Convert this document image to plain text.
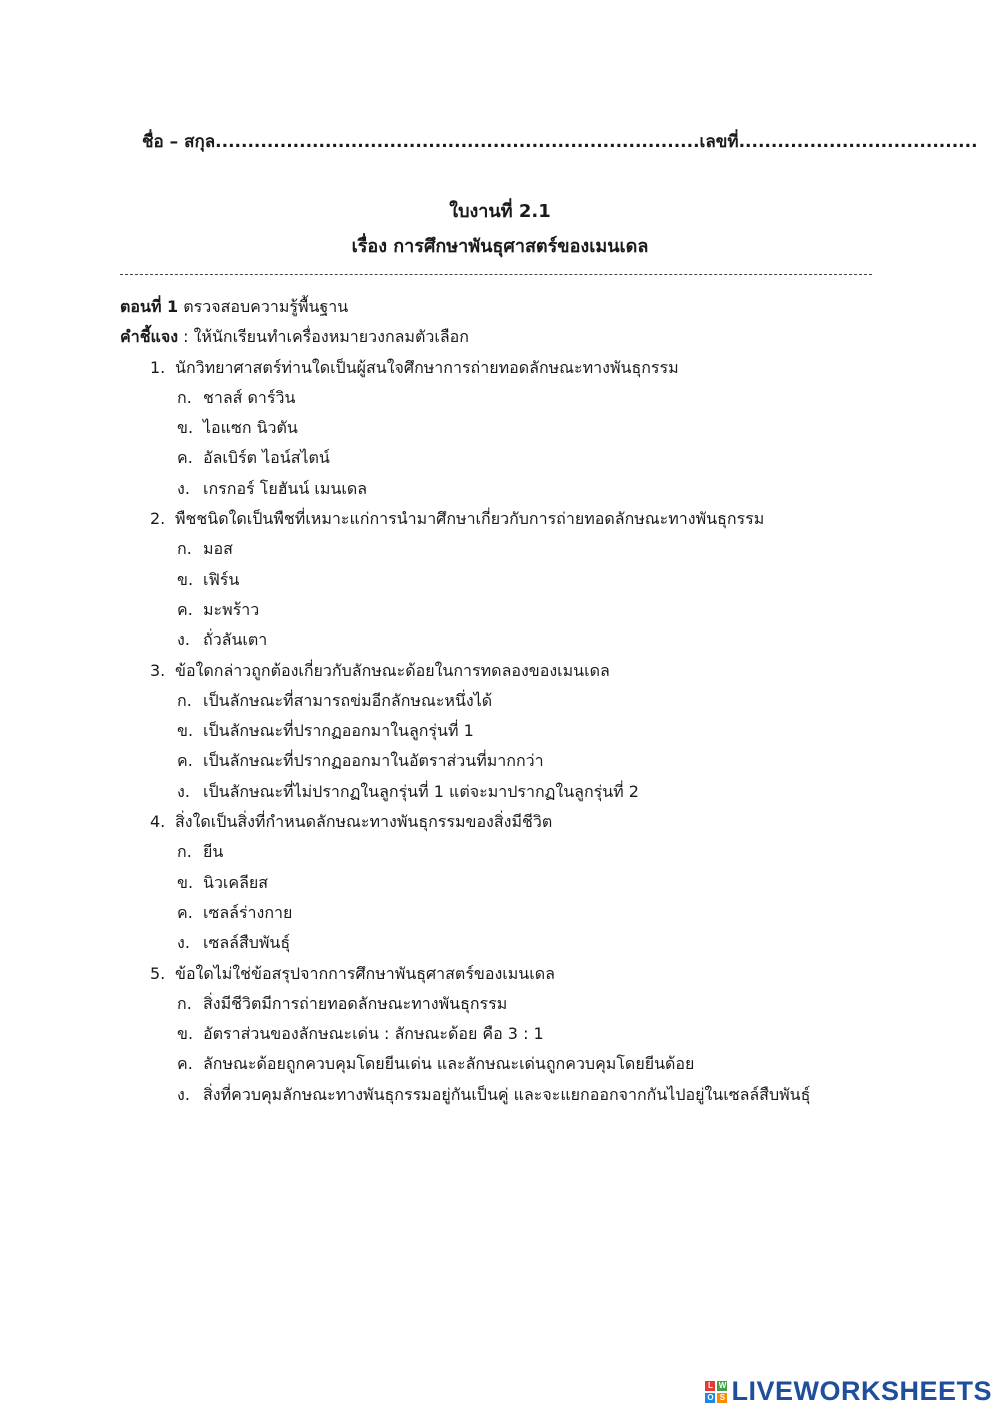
ชื่อ – สกุล...........................................................................เลขที่.....................................
ใบงานที่ 2.1
เรื่อง การศึกษาพันธุศาสตร์ของเมนเดล
ตอนที่ 1 ตรวจสอบความรู้พื้นฐาน
คำชี้แจง : ให้นักเรียนทำเครื่องหมายวงกลมตัวเลือก
1. นักวิทยาศาสตร์ท่านใดเป็นผู้สนใจศึกษาการถ่ายทอดลักษณะทางพันธุกรรม
ก. ชาลส์ ดาร์วิน
ข. ไอแซก นิวตัน
ค. อัลเบิร์ต ไอน์สไตน์
ง. เกรกอร์ โยฮันน์ เมนเดล
2. พืชชนิดใดเป็นพืชที่เหมาะแก่การนำมาศึกษาเกี่ยวกับการถ่ายทอดลักษณะทางพันธุกรรม
ก. มอส
ข. เฟิร์น
ค. มะพร้าว
ง. ถั่วลันเตา
3. ข้อใดกล่าวถูกต้องเกี่ยวกับลักษณะด้อยในการทดลองของเมนเดล
ก. เป็นลักษณะที่สามารถข่มอีกลักษณะหนึ่งได้
ข. เป็นลักษณะที่ปรากฏออกมาในลูกรุ่นที่ 1
ค. เป็นลักษณะที่ปรากฏออกมาในอัตราส่วนที่มากกว่า
ง. เป็นลักษณะที่ไม่ปรากฏในลูกรุ่นที่ 1 แต่จะมาปรากฏในลูกรุ่นที่ 2
4. สิ่งใดเป็นสิ่งที่กำหนดลักษณะทางพันธุกรรมของสิ่งมีชีวิต
ก. ยีน
ข. นิวเคลียส
ค. เซลล์ร่างกาย
ง. เซลล์สืบพันธุ์
5. ข้อใดไม่ใช่ข้อสรุปจากการศึกษาพันธุศาสตร์ของเมนเดล
ก. สิ่งมีชีวิตมีการถ่ายทอดลักษณะทางพันธุกรรม
ข. อัตราส่วนของลักษณะเด่น : ลักษณะด้อย คือ 3 : 1
ค. ลักษณะด้อยถูกควบคุมโดยยีนเด่น และลักษณะเด่นถูกควบคุมโดยยีนด้อย
ง. สิ่งที่ควบคุมลักษณะทางพันธุกรรมอยู่กันเป็นคู่ และจะแยกออกจากกันไปอยู่ในเซลล์สืบพันธุ์
L W
O S LIVEWORKSHEETS
